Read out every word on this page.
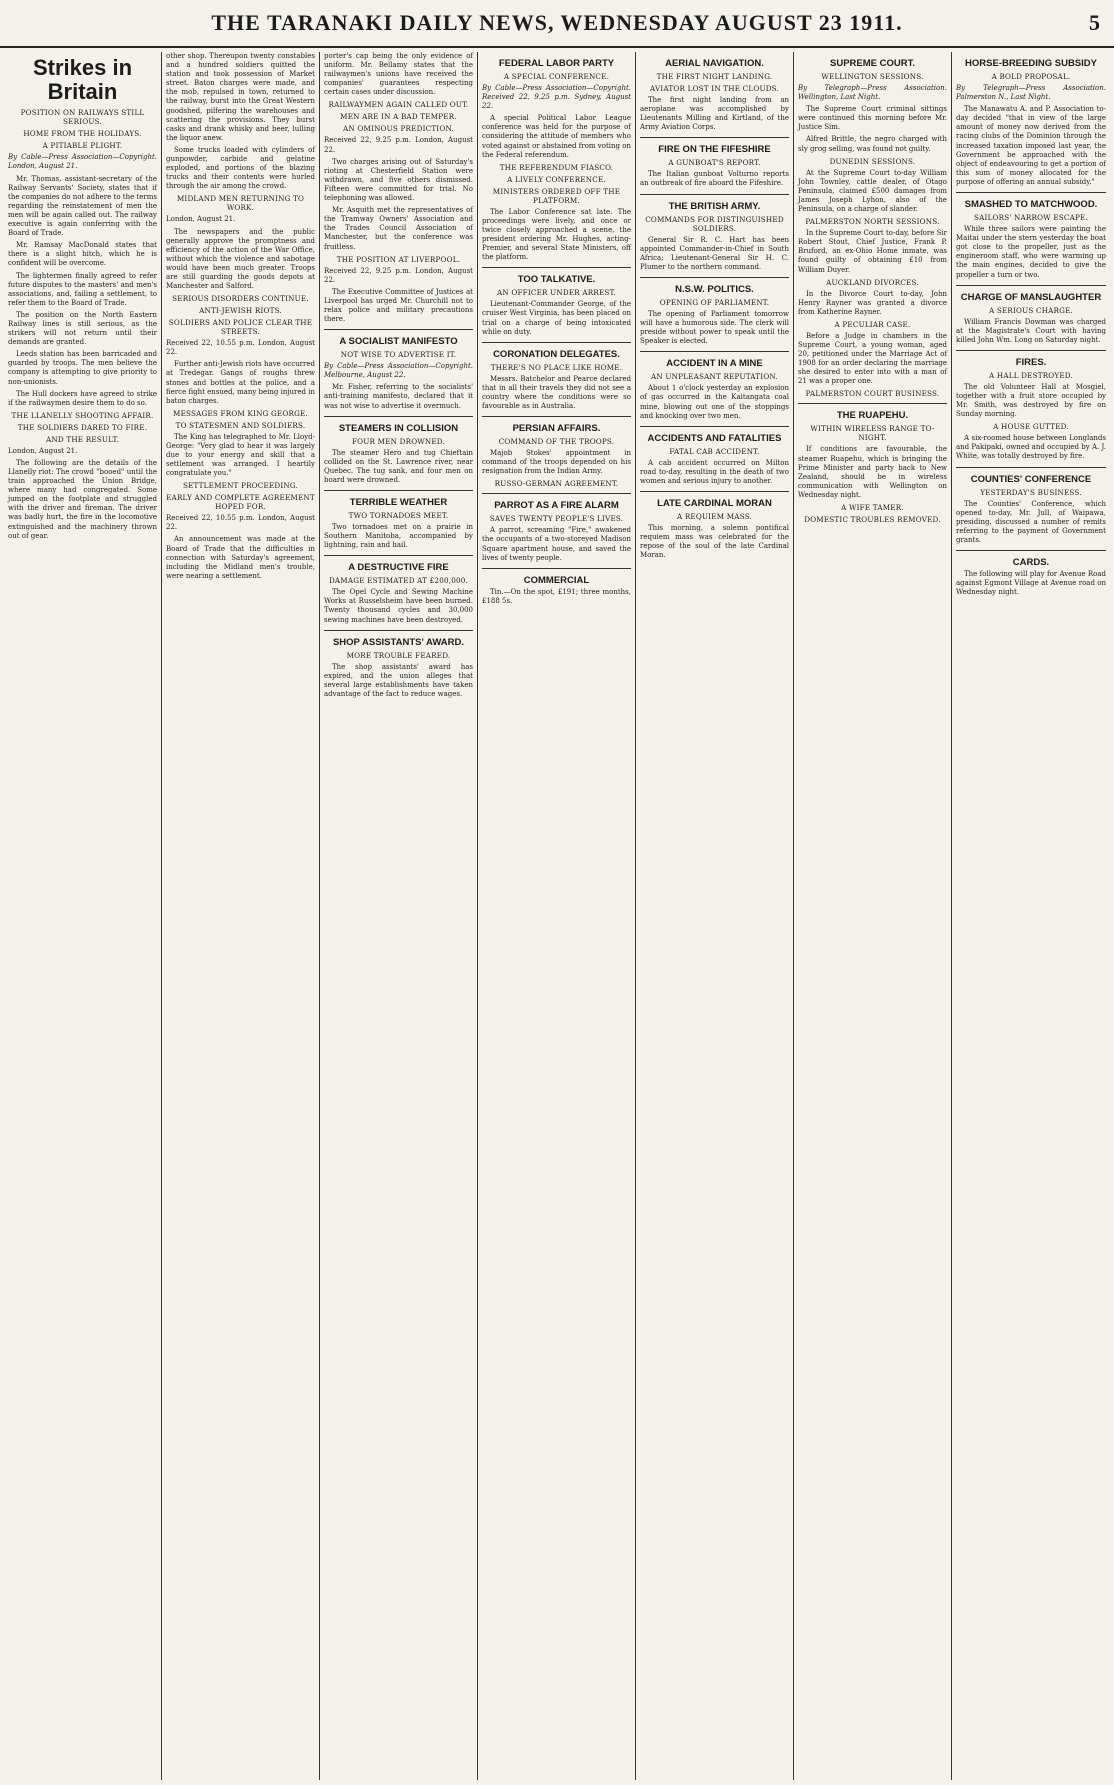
THE TARANAKI DAILY NEWS, WEDNESDAY AUGUST 23 1911.	5
Strikes in Britain
POSITION ON RAILWAYS STILL SERIOUS.
HOME FROM THE HOLIDAYS.
A PITIABLE PLIGHT.

By Cable—Press Association—Copyright. London, August 21.

Mr. Thomas, assistant-secretary of the Railway Servants' Society, states that if the companies do not adhere to the terms regarding the reinstatement of men the men will be again called out. The railway executive is again conferring with the Board of Trade.

Mr. Ramsay MacDonald states that there is a slight hitch, which he is confident will be overcome.

The lightermen finally agreed to refer future disputes to the masters' and men's associations, and, failing a settlement, to refer them to the Board of Trade.

The position on the North Eastern Railway lines is still serious, as the strikers will not return until their demands are granted.

Leeds station has been barricaded and guarded by troops. The men believe the company is attempting to give priority to non-unionists.

The Hull dockers have agreed to strike if the railwaymen desire them to do so.

THE LLANELLY SHOOTING AFFAIR.
THE SOLDIERS DARED TO FIRE.
AND THE RESULT.

London, August 21.

The following are the details of the Llanelly riot: The crowd "booed" until the train approached the Union Bridge, where many had congregated. Some jumped on the footplate and struggled with the driver and fireman. The driver was badly hurt, the fire in the locomotive extinguished and the machinery thrown out of gear.

other shop. Thereupon twenty constables and a hundred soldiers quitted the station and took possession of Market street. Baton charges were made, and the mob, repulsed in town, returned to the railway, burst into the Great Western goodshed, pilfering the warehouses and scattering the provisions. They burst casks and drank whisky and beer, lulling the liquor anew.

Some trucks loaded with cylinders of gunpowder, carbide and gelatine exploded, and portions of the blazing trucks and their contents were hurled through the air among the crowd.

MIDLAND MEN RETURNING TO WORK.

London, August 21.

The newspapers and the public generally approve the promptness and efficiency of the action of the War Office, without which the violence and sabotage would have been much greater. Troops are still guarding the goods depots at Manchester and Salford.

SERIOUS DISORDERS CONTINUE.
ANTI-JEWISH RIOTS.
SOLDIERS AND POLICE CLEAR THE STREETS.

Received 22, 10.55 p.m. London, August 22.

Further anti-Jewish riots have occurred at Tredegar. Gangs of roughs threw stones and bottles at the police, and a fierce fight ensued, many being injured in baton charges.

MESSAGES FROM KING GEORGE.
TO STATESMEN AND SOLDIERS.

The King has telegraphed to Mr. Lloyd-George: "Very glad to hear it was largely due to your energy and skill that a settlement was arranged. I heartily congratulate you."

SETTLEMENT PROCEEDING.
EARLY AND COMPLETE AGREEMENT HOPED FOR.

Received 22, 10.55 p.m. London, August 22.

An announcement was made at the Board of Trade that the difficulties in connection with Saturday's agreement, including the Midland men's trouble, were nearing a settlement.

porter's cap being the only evidence of uniform. Mr. Bellamy states that the railwaymen's unions have received the companies' guarantees respecting certain cases under discussion.

RAILWAYMEN AGAIN CALLED OUT.
MEN ARE IN A BAD TEMPER.
AN OMINOUS PREDICTION.

Received 22, 9.25 p.m. London, August 22.

Two charges arising out of Saturday's rioting at Chesterfield Station were withdrawn, and five others dismissed. Fifteen were committed for trial. No telephoning was allowed.

Mr. Asquith met the representatives of the Tramway Owners' Association and the Trades Council Association of Manchester, but the conference was fruitless.

THE POSITION AT LIVERPOOL.

Received 22, 9.25 p.m. London, August 22.

The Executive Committee of Justices at Liverpool has urged Mr. Churchill not to relax police and military precautions there.

A SOCIALIST MANIFESTO
NOT WISE TO ADVERTISE IT.

By Cable—Press Association—Copyright. Melbourne, August 22.

Mr. Fisher, referring to the socialists' anti-training manifesto, declared that it was not wise to advertise it overmuch.

STEAMERS IN COLLISION
FOUR MEN DROWNED.

The steamer Hero and tug Chieftain collided on the St. Lawrence river, near Quebec. The tug sank, and four men on board were drowned.

TERRIBLE WEATHER
TWO TORNADOES MEET.

Two tornadoes met on a prairie in Southern Manitoba, accompanied by lightning, rain and hail.

A DESTRUCTIVE FIRE
DAMAGE ESTIMATED AT £200,000.

The Opel Cycle and Sewing Machine Works at Russelsheim have been burned. Twenty thousand cycles and 30,000 sewing machines have been destroyed.

SHOP ASSISTANTS' AWARD.
MORE TROUBLE FEARED.

The shop assistants' award has expired, and the union alleges that several large establishments have taken advantage of the fact to reduce wages.

FEDERAL LABOR PARTY
A SPECIAL CONFERENCE.

By Cable—Press Association—Copyright. Received 22, 9.25 p.m. Sydney, August 22.

A special Political Labor League conference was held for the purpose of considering the attitude of members who voted against or abstained from voting on the Federal referendum.

THE REFERENDUM FIASCO.
A LIVELY CONFERENCE.
MINISTERS ORDERED OFF THE PLATFORM.

The Labor Conference sat late. The proceedings were lively, and once or twice closely approached a scene, the president ordering Mr. Hughes, acting-Premier, and several State Ministers, off the platform.

TOO TALKATIVE.
AN OFFICER UNDER ARREST.

Lieutenant-Commander George, of the cruiser West Virginia, has been placed on trial on a charge of being intoxicated while on duty.

CORONATION DELEGATES.
THERE'S NO PLACE LIKE HOME.

Messrs. Batchelor and Pearce declared that in all their travels they did not see a country where the conditions were so favourable as in Australia.

PERSIAN AFFAIRS.
COMMAND OF THE TROOPS.

Majob Stokes' appointment in command of the troops depended on his resignation from the Indian Army.

RUSSO-GERMAN AGREEMENT.
PARROT AS A FIRE ALARM
SAVES TWENTY PEOPLE'S LIVES.

A parrot, screaming "Fire," awakened the occupants of a two-storeyed Madison Square apartment house, and saved the lives of twenty people.

COMMERCIAL

Tin.—On the spot, £191; three months, £188 5s.

AERIAL NAVIGATION.
THE FIRST NIGHT LANDING.
AVIATOR LOST IN THE CLOUDS.

The first night landing from an aeroplane was accomplished by Lieutenants Milling and Kirtland, of the Army Aviation Corps.

FIRE ON THE FIFESHIRE
A GUNBOAT'S REPORT.

The Italian gunboat Volturno reports an outbreak of fire aboard the Fifeshire.

THE BRITISH ARMY.
COMMANDS FOR DISTINGUISHED SOLDIERS.

General Sir R. C. Hart has been appointed Commander-in-Chief in South Africa; Lieutenant-General Sir H. C. Plumer to the northern command.

N.S.W. POLITICS.
OPENING OF PARLIAMENT.

The opening of Parliament tomorrow will have a humorous side. The clerk will preside without power to speak until the Speaker is elected.

ACCIDENT IN A MINE
AN UNPLEASANT REPUTATION.

About 1 o'clock yesterday an explosion of gas occurred in the Kaitangata coal mine, blowing out one of the stoppings and knocking over two men.

ACCIDENTS AND FATALITIES
FATAL CAB ACCIDENT.

A cab accident occurred on Milton road to-day, resulting in the death of two women and serious injury to another.

LATE CARDINAL MORAN
A REQUIEM MASS.

This morning, a solemn pontifical requiem mass was celebrated for the repose of the soul of the late Cardinal Moran.

SUPREME COURT.
WELLINGTON SESSIONS.

By Telegraph—Press Association. Wellington, Last Night.

The Supreme Court criminal sittings were continued this morning before Mr. Justice Sim.

Alfred Brittle, the negro charged with sly grog selling, was found not guilty.

DUNEDIN SESSIONS.

At the Supreme Court to-day William John Townley, cattle dealer, of Otago Peninsula, claimed £500 damages from James Joseph Lyhon, also of the Peninsula, on a charge of slander.

PALMERSTON NORTH SESSIONS.

In the Supreme Court to-day, before Sir Robert Stout, Chief Justice, Frank P. Bruford, an ex-Ohio Home inmate, was found guilty of obtaining £10 from William Duyer.

AUCKLAND DIVORCES.

In the Divorce Court to-day, John Henry Rayner was granted a divorce from Katherine Rayner.

A PECULIAR CASE.

Before a Judge in chambers in the Supreme Court, a young woman, aged 20, petitioned under the Marriage Act of 1908 for an order declaring the marriage she desired to enter into with a man of 21 was a proper one.

PALMERSTON COURT BUSINESS.
THE RUAPEHU.
WITHIN WIRELESS RANGE TO-NIGHT.

If conditions are favourable, the steamer Ruapehu, which is bringing the Prime Minister and party back to New Zealand, should be in wireless communication with Wellington on Wednesday night.

A WIFE TAMER.
DOMESTIC TROUBLES REMOVED.
HORSE-BREEDING SUBSIDY
A BOLD PROPOSAL.

By Telegraph—Press Association. Palmerston N., Last Night.

The Manawatu A. and P. Association to-day decided "that in view of the large amount of money now derived from the racing clubs of the Dominion through the increased taxation imposed last year, the Government be approached with the object of endeavouring to get a portion of this sum of money allocated for the purpose of offering an annual subsidy."

SMASHED TO MATCHWOOD.
SAILORS' NARROW ESCAPE.

While three sailors were painting the Maitai under the stern yesterday the boat got close to the propeller, just as the engineroom staff, who were warming up the main engines, decided to give the propeller a turn or two.

CHARGE OF MANSLAUGHTER
A SERIOUS CHARGE.

William Francis Dowman was charged at the Magistrate's Court with having killed John Wm. Long on Saturday night.

FIRES.
A HALL DESTROYED.

The old Volunteer Hall at Mosgiel, together with a fruit store occupied by Mr. Smith, was destroyed by fire on Sunday morning.

A HOUSE GUTTED.

A six-roomed house between Longlands and Pakipaki, owned and occupied by A. J. White, was totally destroyed by fire.

COUNTIES' CONFERENCE
YESTERDAY'S BUSINESS.

The Counties' Conference, which opened to-day, Mr. Jull, of Waipawa, presiding, discussed a number of remits referring to the payment of Government grants.

CARDS.

The following will play for Avenue Road against Egmont Village at Avenue road on Wednesday night.
